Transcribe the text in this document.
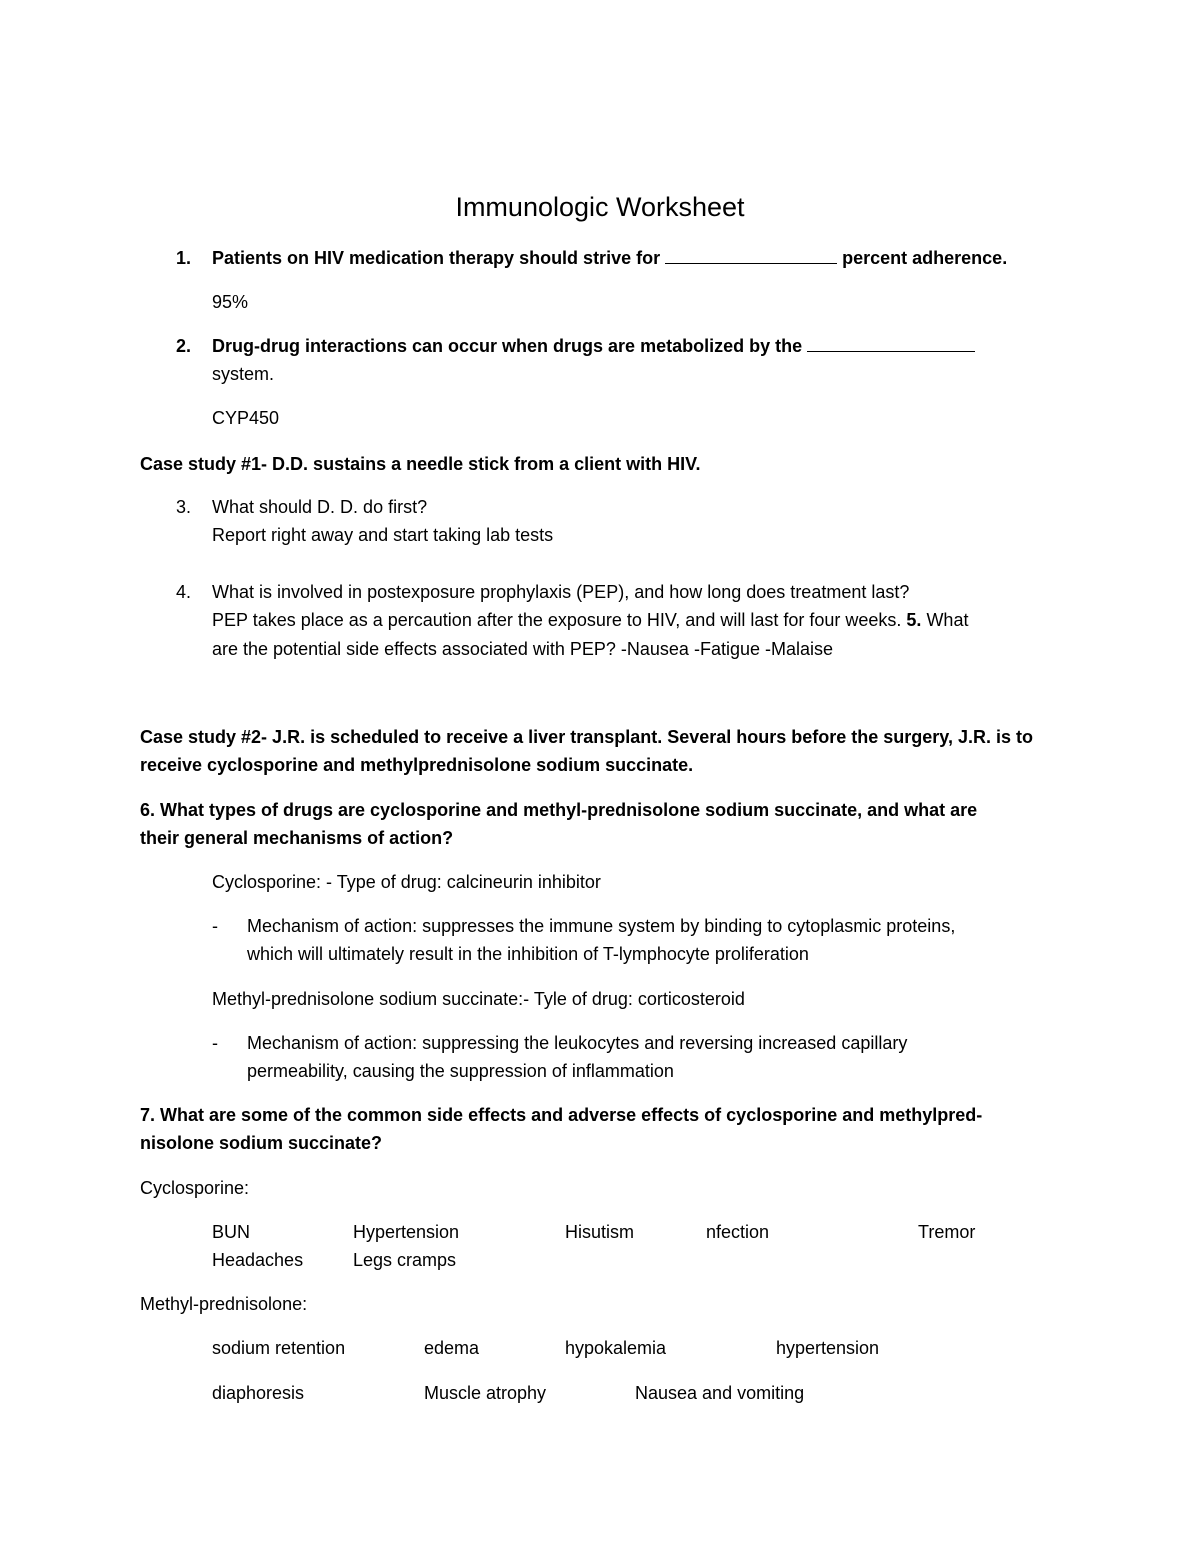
Immunologic Worksheet
1. Patients on HIV medication therapy should strive for	percent adherence.
95%
2. Drug-drug interactions can occur when drugs are metabolized by the
system.
CYP450
Case study #1- D.D. sustains a needle stick from a client with HIV.
3. What should D. D. do first?
Report right away and start taking lab tests
4. What is involved in postexposure prophylaxis (PEP), and how long does treatment last?
PEP takes place as a percaution after the exposure to HIV, and will last for four weeks. 5. What
are the potential side effects associated with PEP? -Nausea -Fatigue -Malaise
Case study #2- J.R. is scheduled to receive a liver transplant. Several hours before the surgery, J.R. is to
receive cyclosporine and methylprednisolone sodium succinate.
6. What types of drugs are cyclosporine and methyl-prednisolone sodium succinate, and what are
their general mechanisms of action?
Cyclosporine: - Type of drug: calcineurin inhibitor
- Mechanism of action: suppresses the immune system by binding to cytoplasmic proteins,
which will ultimately result in the inhibition of T-lymphocyte proliferation
Methyl-prednisolone sodium succinate:- Tyle of drug: corticosteroid
- Mechanism of action: suppressing the leukocytes and reversing increased capillary
permeability, causing the suppression of inflammation
7. What are some of the common side effects and adverse effects of cyclosporine and methylpred-
nisolone sodium succinate?
Cyclosporine:
BUN	Hypertension	Hisutism	nfection	Tremor
Headaches	Legs cramps
Methyl-prednisolone:
sodium retention	edema	hypokalemia	hypertension
diaphoresis	Muscle atrophy	Nausea and vomiting
